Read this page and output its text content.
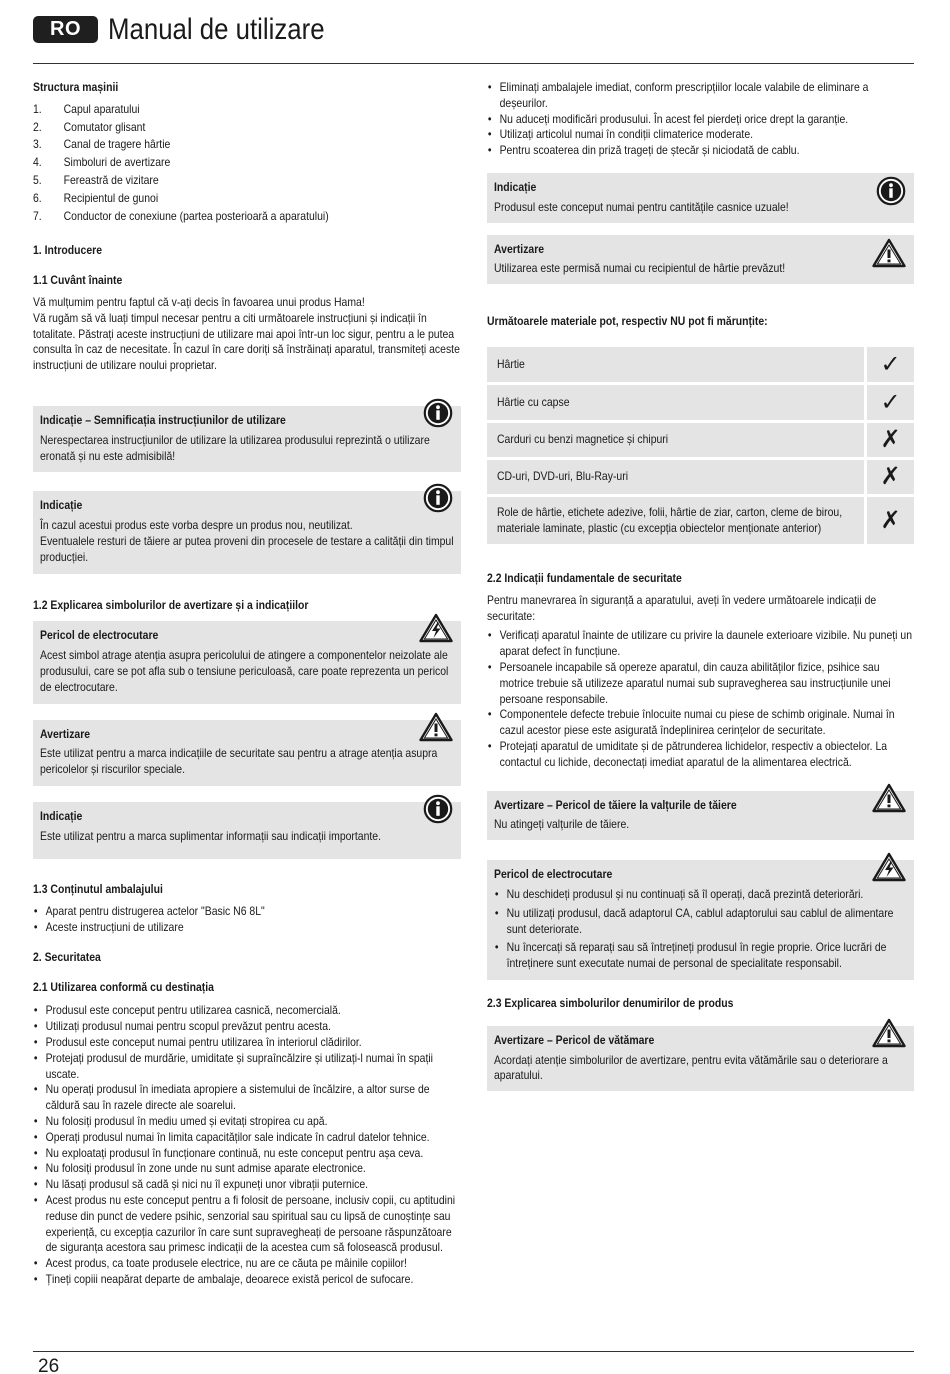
RO Manual de utilizare
Structura mașinii
1.	Capul aparatului
2.	Comutator glisant
3.	Canal de tragere hârtie
4.	Simboluri de avertizare
5.	Fereastră de vizitare
6.	Recipientul de gunoi
7.	Conductor de conexiune (partea posterioară a aparatului)
1. Introducere
1.1 Cuvânt înainte

Vă mulțumim pentru faptul că v-ați decis în favoarea unui produs Hama!

Vă rugăm să vă luați timpul necesar pentru a citi următoarele instrucțiuni și indicații în totalitate. Păstrați aceste instrucțiuni de utilizare mai apoi într-un loc sigur, pentru a le putea consulta în caz de necesitate. În cazul în care doriți să înstrăinați aparatul, transmiteți aceste instrucțiuni de utilizare noului proprietar.

Indicație – Semnificația instrucțiunilor de utilizare

Nerespectarea instrucțiunilor de utilizare la utilizarea produsului reprezintă o utilizare eronată și nu este admisibilă!

Indicație

În cazul acestui produs este vorba despre un produs nou, neutilizat.

Eventualele resturi de tăiere ar putea proveni din procesele de testare a calității din timpul producției.

1.2 Explicarea simbolurilor de avertizare și a indicațiilor
Pericol de electrocutare

Acest simbol atrage atenția asupra pericolului de atingere a componentelor neizolate ale produsului, care se pot afla sub o tensiune periculoasă, care poate reprezenta un pericol de electrocutare.

Avertizare

Este utilizat pentru a marca indicațiile de securitate sau pentru a atrage atenția asupra pericolelor și riscurilor speciale.

Indicație

Este utilizat pentru a marca suplimentar informații sau indicații importante.

1.3 Conținutul ambalajului
• Aparat pentru distrugerea actelor "Basic N6 8L"
• Aceste instrucțiuni de utilizare
2. Securitatea
2.1 Utilizarea conformă cu destinația
• Produsul este conceput pentru utilizarea casnică, necomercială.
• Utilizați produsul numai pentru scopul prevăzut pentru acesta.
• Produsul este conceput numai pentru utilizarea în interiorul clădirilor.
• Protejați produsul de murdărie, umiditate și supraîncălzire și utilizați-l numai în spații uscate.
• Nu operați produsul în imediata apropiere a sistemului de încălzire, a altor surse de căldură sau în razele directe ale soarelui.
• Nu folosiți produsul în mediu umed și evitați stropirea cu apă.
• Operați produsul numai în limita capacităților sale indicate în cadrul datelor tehnice.
• Nu exploatați produsul în funcționare continuă, nu este conceput pentru așa ceva.
• Nu folosiți produsul în zone unde nu sunt admise aparate electronice.
• Nu lăsați produsul să cadă și nici nu îl expuneți unor vibrații puternice.
• Acest produs nu este conceput pentru a fi folosit de persoane, inclusiv copii, cu aptitudini reduse din punct de vedere psihic, senzorial sau spiritual sau cu lipsă de cunoștințe sau experiență, cu excepția cazurilor în care sunt supravegheați de persoane răspunzătoare de siguranța acestora sau primesc indicații de la acestea cum să folosească produsul.
• Acest produs, ca toate produsele electrice, nu are ce căuta pe mâinile copiilor!
• Țineți copiii neapărat departe de ambalaje, deoarece există pericol de sufocare.
• Eliminați ambalajele imediat, conform prescripțiilor locale valabile de eliminare a deșeurilor.
• Nu aduceți modificări produsului. În acest fel pierdeți orice drept la garanție.
• Utilizați articolul numai în condiții climaterice moderate.
• Pentru scoaterea din priză trageți de ștecăr și niciodată de cablu.
Indicație

Produsul este conceput numai pentru cantitățile casnice uzuale!

Avertizare

Utilizarea este permisă numai cu recipientul de hârtie prevăzut!

Următoarele materiale pot, respectiv NU pot fi mărunțite:
Hârtie	✓

Hârtie cu capse	✓

Carduri cu benzi magnetice și chipuri	✗

CD-uri, DVD-uri, Blu-Ray-uri	✗

Role de hârtie, etichete adezive, folii, hârtie de ziar, carton, cleme de birou, materiale laminate, plastic (cu excepția obiectelor menționate anterior)	✗
2.2 Indicații fundamentale de securitate

Pentru manevrarea în siguranță a aparatului, aveți în vedere următoarele indicații de securitate:

• Verificați aparatul înainte de utilizare cu privire la daunele exterioare vizibile. Nu puneți un aparat defect în funcțiune.
• Persoanele incapabile să opereze aparatul, din cauza abilităților fizice, psihice sau motrice trebuie să utilizeze aparatul numai sub supravegherea sau instrucțiunile unei persoane responsabile.
• Componentele defecte trebuie înlocuite numai cu piese de schimb originale. Numai în cazul acestor piese este asigurată îndeplinirea cerințelor de securitate.
• Protejați aparatul de umiditate și de pătrunderea lichidelor, respectiv a obiectelor. La contactul cu lichide, deconectați imediat aparatul de la alimentarea electrică.
Avertizare – Pericol de tăiere la valțurile de tăiere

Nu atingeți valțurile de tăiere.

Pericol de electrocutare
• Nu deschideți produsul și nu continuați să îl operați, dacă prezintă deteriorări.
• Nu utilizați produsul, dacă adaptorul CA, cablul adaptorului sau cablul de alimentare sunt deteriorate.
• Nu încercați să reparați sau să întrețineți produsul în regie proprie. Orice lucrări de întreținere sunt executate numai de personal de specialitate responsabil.
2.3 Explicarea simbolurilor denumirilor de produs
Avertizare – Pericol de vătămare

Acordați atenție simbolurilor de avertizare, pentru evita vătămările sau o deteriorare a aparatului.

26
